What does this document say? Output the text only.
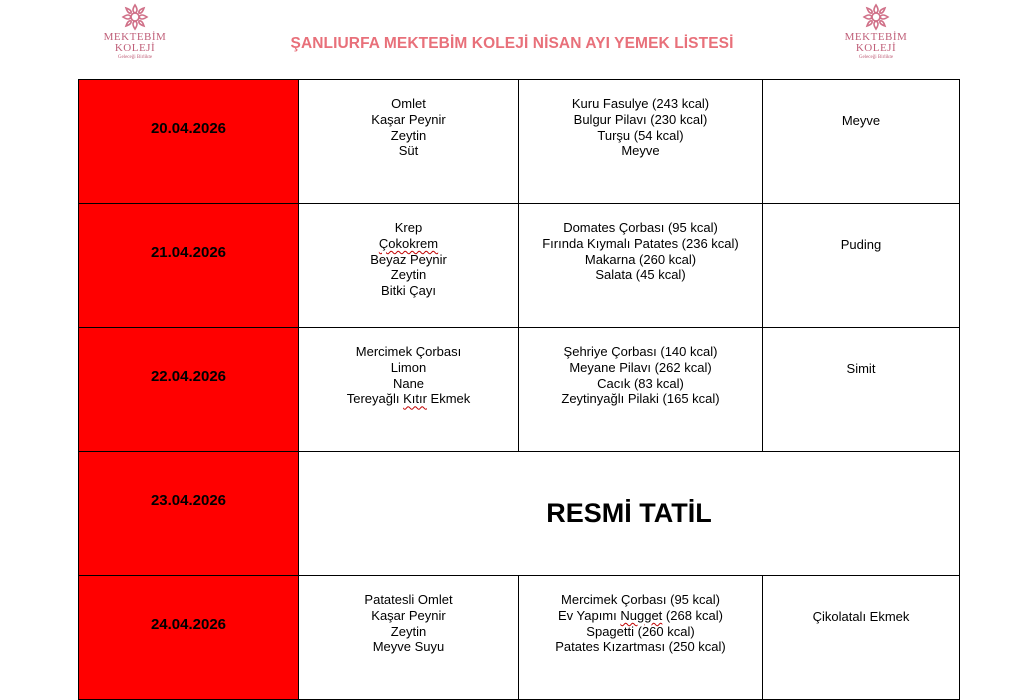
MEKTEBİM
KOLEJİ
Geleceği Birlikte
MEKTEBİM
KOLEJİ
Geleceği Birlikte
ŞANLIURFA MEKTEBİM KOLEJİ NİSAN AYI YEMEK LİSTESİ
20.04.2026	Omlet
Kaşar Peynir
Zeytin
Süt	Kuru Fasulye (243 kcal)
Bulgur Pilavı (230 kcal)
Turşu (54 kcal)
Meyve	Meyve
21.04.2026	Krep
Çokokrem
Beyaz Peynir
Zeytin
Bitki Çayı	Domates Çorbası (95 kcal)
Fırında Kıymalı Patates (236 kcal)
Makarna (260 kcal)
Salata (45 kcal)	Puding
22.04.2026	Mercimek Çorbası
Limon
Nane
Tereyağlı Kıtır Ekmek	Şehriye Çorbası (140 kcal)
Meyane Pilavı (262 kcal)
Cacık (83 kcal)
Zeytinyağlı Pilaki (165 kcal)	Simit
23.04.2026	RESMİ TATİL		
24.04.2026	Patatesli Omlet
Kaşar Peynir
Zeytin
Meyve Suyu	Mercimek Çorbası (95 kcal)
Ev Yapımı Nugget (268 kcal)
Spagetti (260 kcal)
Patates Kızartması (250 kcal)	Çikolatalı Ekmek
